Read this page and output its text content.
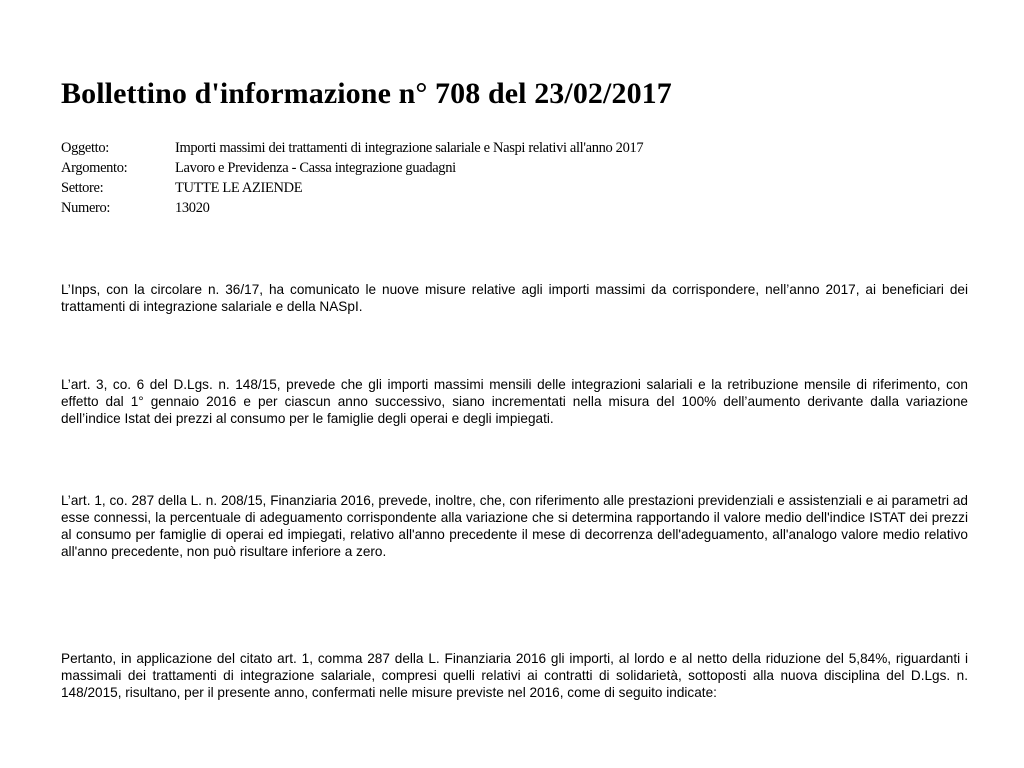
Bollettino d'informazione n° 708 del 23/02/2017
Oggetto:	Importi massimi dei trattamenti di integrazione salariale e Naspi relativi all'anno 2017
Argomento:	Lavoro e Previdenza - Cassa integrazione guadagni
Settore:	TUTTE LE AZIENDE
Numero:	13020

L’Inps, con la circolare n. 36/17, ha comunicato le nuove misure relative agli importi massimi da corrispondere, nell’anno 2017, ai beneficiari dei trattamenti di integrazione salariale e della NASpI.

L’art. 3, co. 6 del D.Lgs. n. 148/15, prevede che gli importi massimi mensili delle integrazioni salariali e la retribuzione mensile di riferimento, con effetto dal 1° gennaio 2016 e per ciascun anno successivo, siano incrementati nella misura del 100% dell’aumento derivante dalla variazione dell’indice Istat dei prezzi al consumo per le famiglie degli operai e degli impiegati.

L’art. 1, co. 287 della L. n. 208/15, Finanziaria 2016, prevede, inoltre, che, con riferimento alle prestazioni previdenziali e assistenziali e ai parametri ad esse connessi, la percentuale di adeguamento corrispondente alla variazione che si determina rapportando il valore medio dell'indice ISTAT dei prezzi al consumo per famiglie di operai ed impiegati, relativo all'anno precedente il mese di decorrenza dell'adeguamento, all'analogo valore medio relativo all'anno precedente, non può risultare inferiore a zero.

Pertanto, in applicazione del citato art. 1, comma 287 della L. Finanziaria 2016 gli importi, al lordo e al netto della riduzione del 5,84%, riguardanti i massimali dei trattamenti di integrazione salariale, compresi quelli relativi ai contratti di solidarietà, sottoposti alla nuova disciplina del D.Lgs. n. 148/2015, risultano, per il presente anno, confermati nelle misure previste nel 2016, come di seguito indicate:
